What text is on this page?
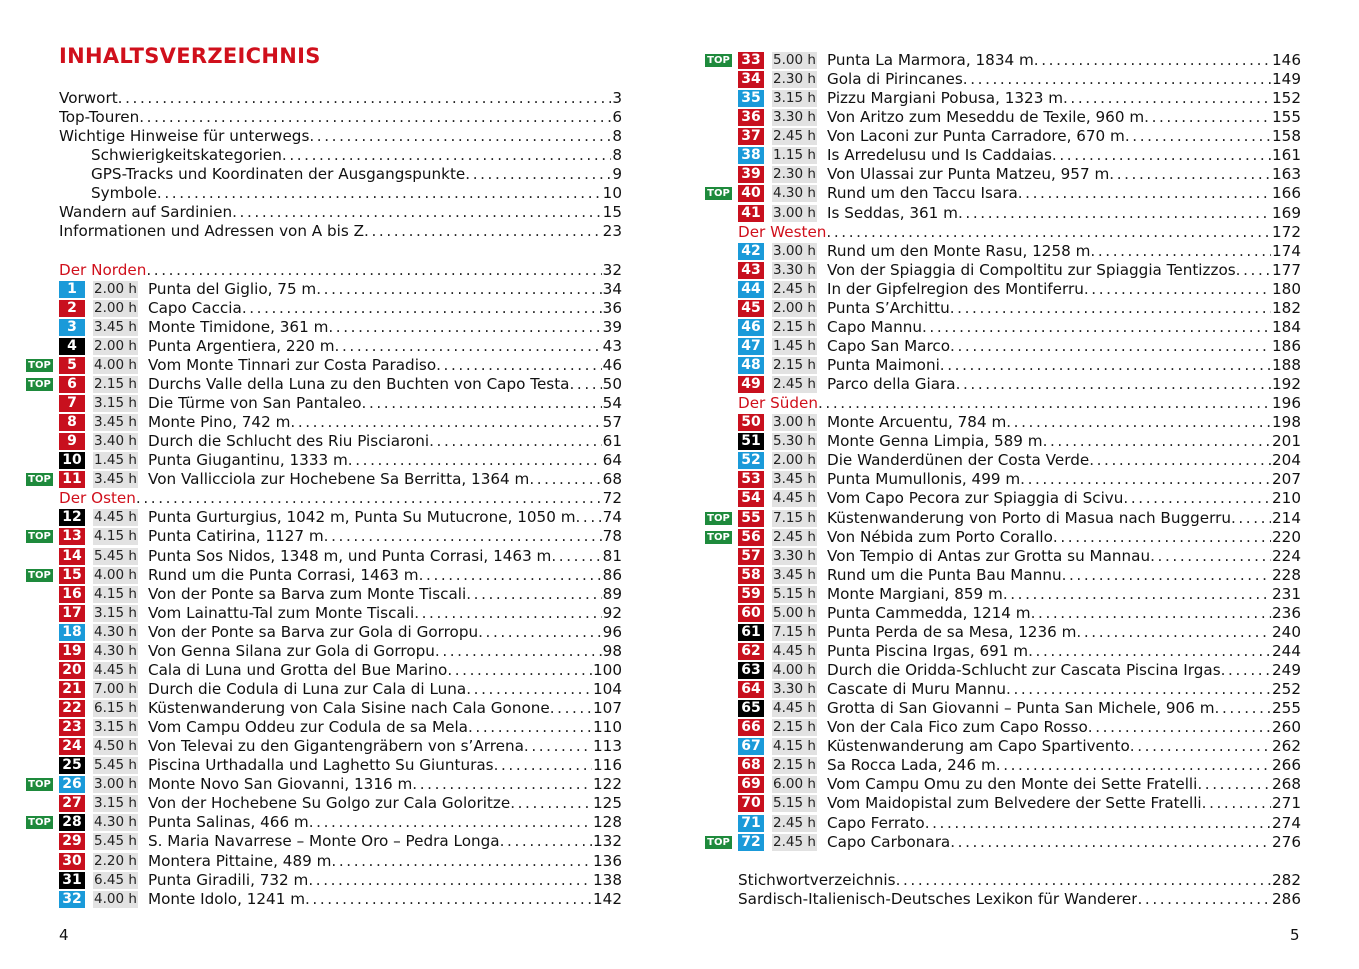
INHALTSVERZEICHNIS
Vorwort .....	3
Top-Touren .....	6
Wichtige Hinweise für unterwegs .....	8
Schwierigkeitskategorien .....	8
GPS-Tracks und Koordinaten der Ausgangspunkte .....	9
Symbole .....	10
Wandern auf Sardinien .....	15
Informationen und Adressen von A bis Z .....	23
Der Norden .....	32
1	2.00 h Punta del Giglio, 75 m .....	34
2	2.00 h Capo Caccia .....	36
3	3.45 h Monte Timidone, 361 m .....	39
4	2.00 h Punta Argentiera, 220 m .....	43
TOP	5	4.00 h Vom Monte Tinnari zur Costa Paradiso .....	46
TOP	6	2.15 h Durchs Valle della Luna zu den Buchten von Capo Testa ..... 50
7	3.15 h Die Türme von San Pantaleo .....	54
8	3.45 h Monte Pino, 742 m .....	57
9	3.40 h Durch die Schlucht des Riu Pisciaroni .....	61
10 1.45 h Punta Giugantinu, 1333 m .....	64
TOP 11 3.45 h Von Vallicciola zur Hochebene Sa Berritta, 1364 m .....	68
Der Osten .....	72
12 4.45 h Punta Gurturgius, 1042 m, Punta Su Mutucrone, 1050 m ..... 74
TOP 13 4.15 h Punta Catirina, 1127 m .....	78
14 5.45 h Punta Sos Nidos, 1348 m, und Punta Corrasi, 1463 m .....	81
TOP 15 4.00 h Rund um die Punta Corrasi, 1463 m .....	86
16 4.15 h Von der Ponte sa Barva zum Monte Tiscali .....	89
17 3.15 h Vom Lainattu-Tal zum Monte Tiscali .....	92
18 4.30 h Von der Ponte sa Barva zur Gola di Gorropu .....	96
19 4.30 h Von Genna Silana zur Gola di Gorropu .....	98
20 4.45 h Cala di Luna und Grotta del Bue Marino .....	100
21 7.00 h Durch die Codula di Luna zur Cala di Luna .....	104
22 6.15 h Küstenwanderung von Cala Sisine nach Cala Gonone .....	107
23 3.15 h Vom Campu Oddeu zur Codula de sa Mela .....	110
24 4.50 h Von Televai zu den Gigantengräbern von s’Arrena .....	113
25 5.45 h Piscina Urthadalla und Laghetto Su Giunturas .....	116
TOP 26 3.00 h Monte Novo San Giovanni, 1316 m .....	122
27 3.15 h Von der Hochebene Su Golgo zur Cala Goloritze .....	125
TOP 28 4.30 h Punta Salinas, 466 m .....	128
29 5.45 h S. Maria Navarrese – Monte Oro – Pedra Longa .....	132
30 2.20 h Montera Pittaine, 489 m .....	136
31 6.45 h Punta Giradili, 732 m .....	138
32 4.00 h Monte Idolo, 1241 m .....	142
TOP 33 5.00 h Punta La Marmora, 1834 m .....	146
34 2.30 h Gola di Pirincanes .....	149
35 3.15 h Pizzu Margiani Pobusa, 1323 m .....	152
36 3.30 h Von Aritzo zum Meseddu de Texile, 960 m .....	155
37 2.45 h Von Laconi zur Punta Carradore, 670 m .....	158
38 1.15 h Is Arredelusu und Is Caddaias .....	161
39 2.30 h Von Ulassai zur Punta Matzeu, 957 m .....	163
TOP 40 4.30 h Rund um den Taccu Isara .....	166
41 3.00 h Is Seddas, 361 m .....	169
Der Westen .....	172
42 3.00 h Rund um den Monte Rasu, 1258 m .....	174
43 3.30 h Von der Spiaggia di Compoltitu zur Spiaggia Tentizzos ..... 177
44 2.45 h In der Gipfelregion des Montiferru .....	180
45 2.00 h Punta S’Archittu .....	182
46 2.15 h Capo Mannu .....	184
47 1.45 h Capo San Marco .....	186
48 2.15 h Punta Maimoni .....	188
49 2.45 h Parco della Giara .....	192
Der Süden .....	196
50 3.00 h Monte Arcuentu, 784 m .....	198
51 5.30 h Monte Genna Limpia, 589 m .....	201
52 2.00 h Die Wanderdünen der Costa Verde .....	204
53 3.45 h Punta Mumullonis, 499 m .....	207
54 4.45 h Vom Capo Pecora zur Spiaggia di Scivu .....	210
TOP 55 7.15 h Küstenwanderung von Porto di Masua nach Buggerru .....	214
TOP 56 2.45 h Von Nébida zum Porto Corallo .....	220
57 3.30 h Von Tempio di Antas zur Grotta su Mannau .....	224
58 3.45 h Rund um die Punta Bau Mannu .....	228
59 5.15 h Monte Margiani, 859 m .....	231
60 5.00 h Punta Cammedda, 1214 m .....	236
61 7.15 h Punta Perda de sa Mesa, 1236 m .....	240
62 4.45 h Punta Piscina Irgas, 691 m .....	244
63 4.00 h Durch die Oridda-Schlucht zur Cascata Piscina Irgas .....	249
64 3.30 h Cascate di Muru Mannu .....	252
65 4.45 h Grotta di San Giovanni – Punta San Michele, 906 m .....	255
66 2.15 h Von der Cala Fico zum Capo Rosso .....	260
67 4.15 h Küstenwanderung am Capo Spartivento .....	262
68 2.15 h Sa Rocca Lada, 246 m .....	266
69 6.00 h Vom Campu Omu zu den Monte dei Sette Fratelli .....	268
70 5.15 h Vom Maidopistal zum Belvedere der Sette Fratelli .....	271
71 2.45 h Capo Ferrato .....	274
TOP 72 2.45 h Capo Carbonara .....	276
Stichwortverzeichnis .....	282
Sardisch-Italienisch-Deutsches Lexikon für Wanderer .....	286
4	5
